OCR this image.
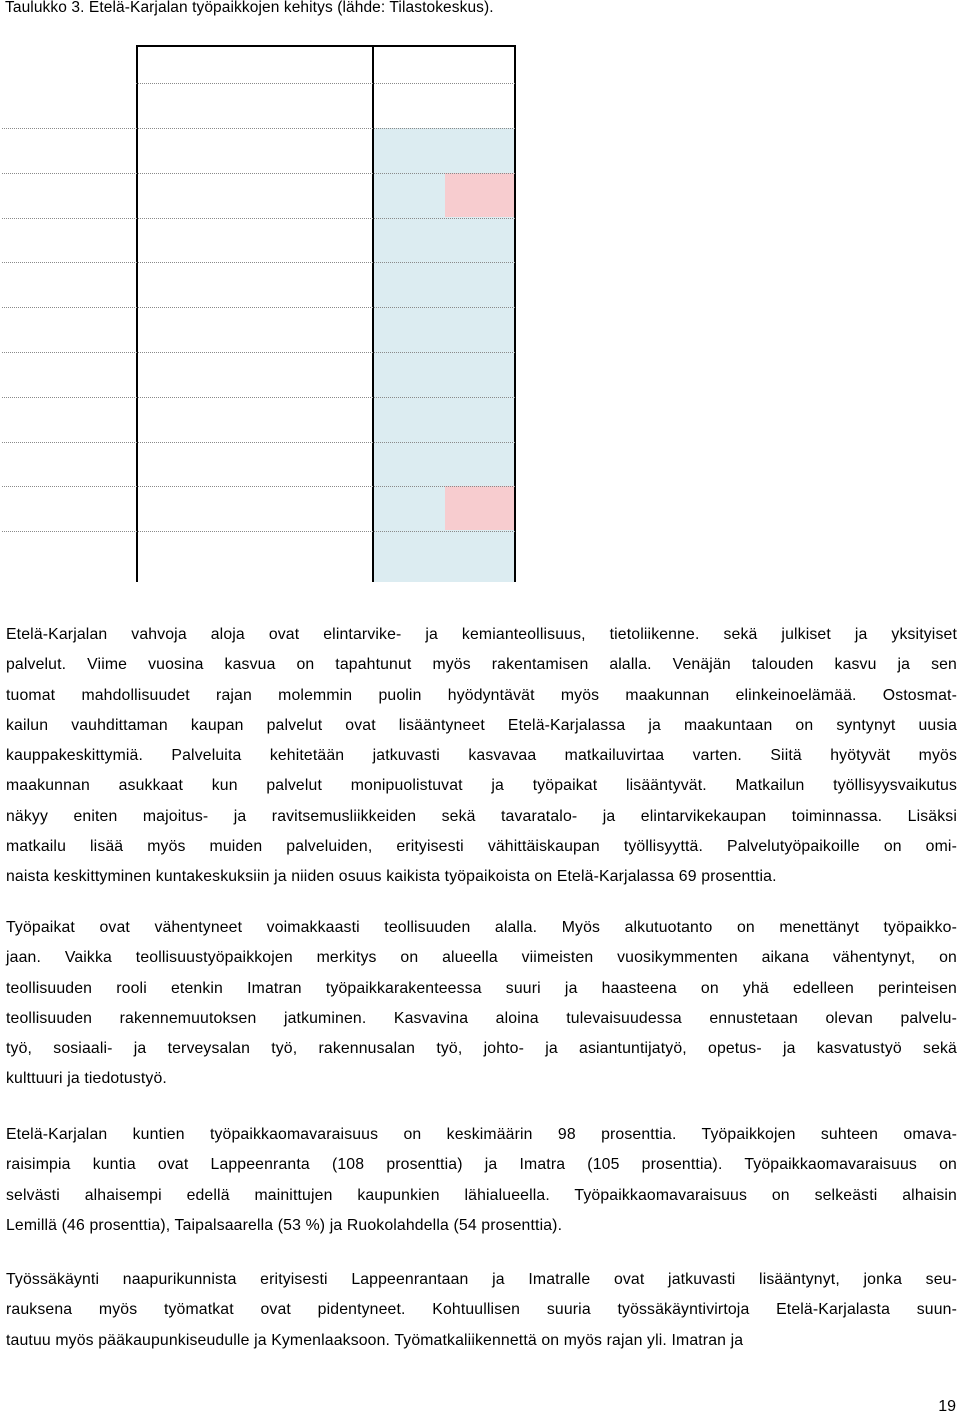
Taulukko 3. Etelä-Karjalan työpaikkojen kehitys (lähde: Tilastokeskus).
Etelä-Karjalan vahvoja aloja ovat elintarvike- ja kemianteollisuus, tietoliikenne. sekä julkiset ja yksityiset
palvelut. Viime vuosina kasvua on tapahtunut myös rakentamisen alalla. Venäjän talouden kasvu ja sen
tuomat mahdollisuudet rajan molemmin puolin hyödyntävät myös maakunnan elinkeinoelämää. Ostosmat-
kailun vauhdittaman kaupan palvelut ovat lisääntyneet Etelä-Karjalassa ja maakuntaan on syntynyt uusia
kauppakeskittymiä. Palveluita kehitetään jatkuvasti kasvavaa matkailuvirtaa varten. Siitä hyötyvät myös
maakunnan asukkaat kun palvelut monipuolistuvat ja työpaikat lisääntyvät. Matkailun työllisyysvaikutus
näkyy eniten majoitus- ja ravitsemusliikkeiden sekä tavaratalo- ja elintarvikekaupan toiminnassa. Lisäksi
matkailu lisää myös muiden palveluiden, erityisesti vähittäiskaupan työllisyyttä. Palvelutyöpaikoille on omi-
naista keskittyminen kuntakeskuksiin ja niiden osuus kaikista työpaikoista on Etelä-Karjalassa 69 prosenttia.
Työpaikat ovat vähentyneet voimakkaasti teollisuuden alalla. Myös alkutuotanto on menettänyt työpaikko-
jaan. Vaikka teollisuustyöpaikkojen merkitys on alueella viimeisten vuosikymmenten aikana vähentynyt, on
teollisuuden rooli etenkin Imatran työpaikkarakenteessa suuri ja haasteena on yhä edelleen perinteisen
teollisuuden rakennemuutoksen jatkuminen. Kasvavina aloina tulevaisuudessa ennustetaan olevan palvelu-
työ, sosiaali- ja terveysalan työ, rakennusalan työ, johto- ja asiantuntijatyö, opetus- ja kasvatustyö sekä
kulttuuri ja tiedotustyö.
Etelä-Karjalan kuntien työpaikkaomavaraisuus on keskimäärin 98 prosenttia. Työpaikkojen suhteen omava-
raisimpia kuntia ovat Lappeenranta (108 prosenttia) ja Imatra (105 prosenttia). Työpaikkaomavaraisuus on
selvästi alhaisempi edellä mainittujen kaupunkien lähialueella. Työpaikkaomavaraisuus on selkeästi alhaisin
Lemillä (46 prosenttia), Taipalsaarella (53 %) ja Ruokolahdella (54 prosenttia).
Työssäkäynti naapurikunnista erityisesti Lappeenrantaan ja Imatralle ovat jatkuvasti lisääntynyt, jonka seu-
rauksena myös työmatkat ovat pidentyneet. Kohtuullisen suuria työssäkäyntivirtoja Etelä-Karjalasta suun-
tautuu myös pääkaupunkiseudulle ja Kymenlaaksoon. Työmatkaliikennettä on myös rajan yli. Imatran ja
19
